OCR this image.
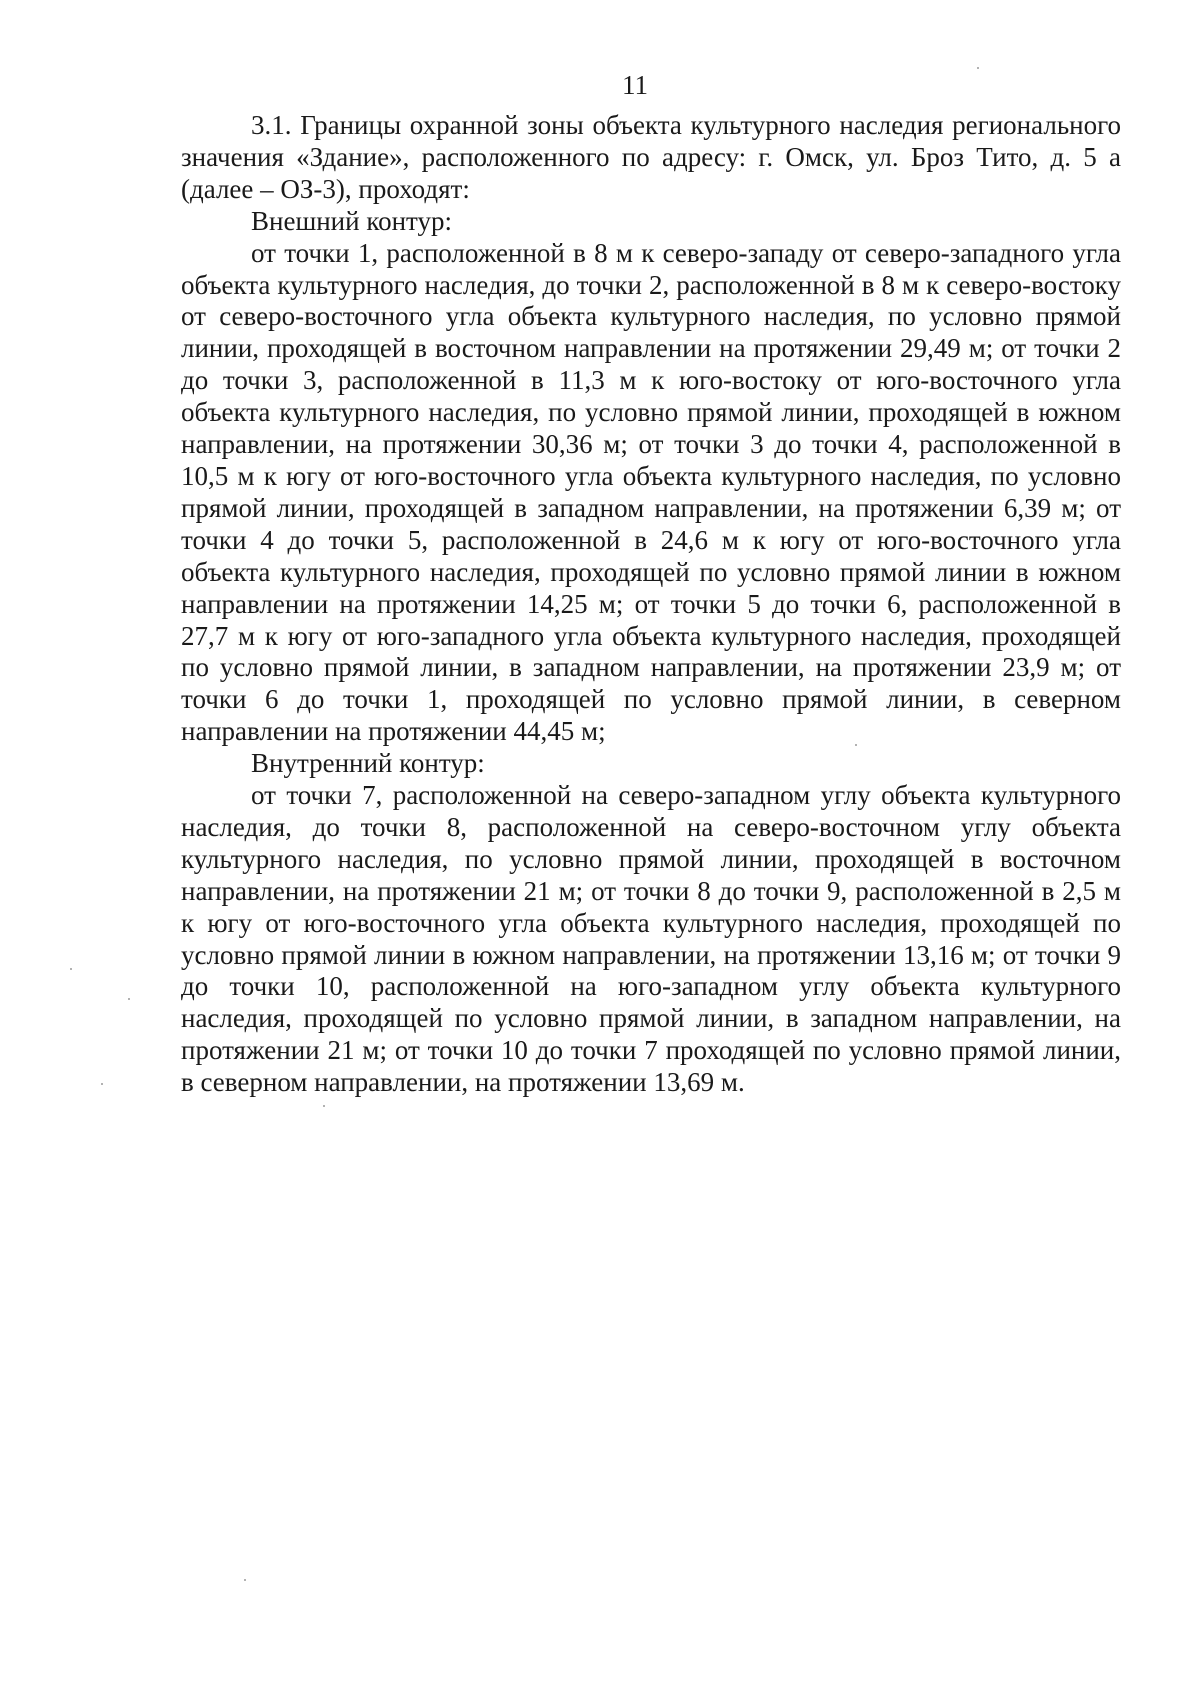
11

3.1. Границы охранной зоны объекта культурного наследия регионального значения «Здание», расположенного по адресу: г. Омск, ул. Броз Тито, д. 5 а (далее – ОЗ-3), проходят:

Внешний контур:

от точки 1, расположенной в 8 м к северо-западу от северо-западного угла объекта культурного наследия, до точки 2, расположенной в 8 м к северо-востоку от северо-восточного угла объекта культурного наследия, по условно прямой линии, проходящей в восточном направлении на протяжении 29,49 м; от точки 2 до точки 3, расположенной в 11,3 м к юго-востоку от юго-восточного угла объекта культурного наследия, по условно прямой линии, проходящей в южном направлении, на протяжении 30,36 м; от точки 3 до точки 4, расположенной в 10,5 м к югу от юго-восточного угла объекта культурного наследия, по условно прямой линии, проходящей в западном направлении, на протяжении 6,39 м; от точки 4 до точки 5, расположенной в 24,6 м к югу от юго-восточного угла объекта культурного наследия, проходящей по условно прямой линии в южном направлении на протяжении 14,25 м; от точки 5 до точки 6, расположенной в 27,7 м к югу от юго-западного угла объекта культурного наследия, проходящей по условно прямой линии, в западном направлении, на протяжении 23,9 м; от точки 6 до точки 1, проходящей по условно прямой линии, в северном направлении на протяжении 44,45 м;

Внутренний контур:

от точки 7, расположенной на северо-западном углу объекта культурного наследия, до точки 8, расположенной на северо-восточном углу объекта культурного наследия, по условно прямой линии, проходящей в восточном направлении, на протяжении 21 м; от точки 8 до точки 9, расположенной в 2,5 м к югу от юго-восточного угла объекта культурного наследия, проходящей по условно прямой линии в южном направлении, на протяжении 13,16 м; от точки 9 до точки 10, расположенной на юго-западном углу объекта культурного наследия, проходящей по условно прямой линии, в западном направлении, на протяжении 21 м; от точки 10 до точки 7 проходящей по условно прямой линии, в северном направлении, на протяжении 13,69 м.
